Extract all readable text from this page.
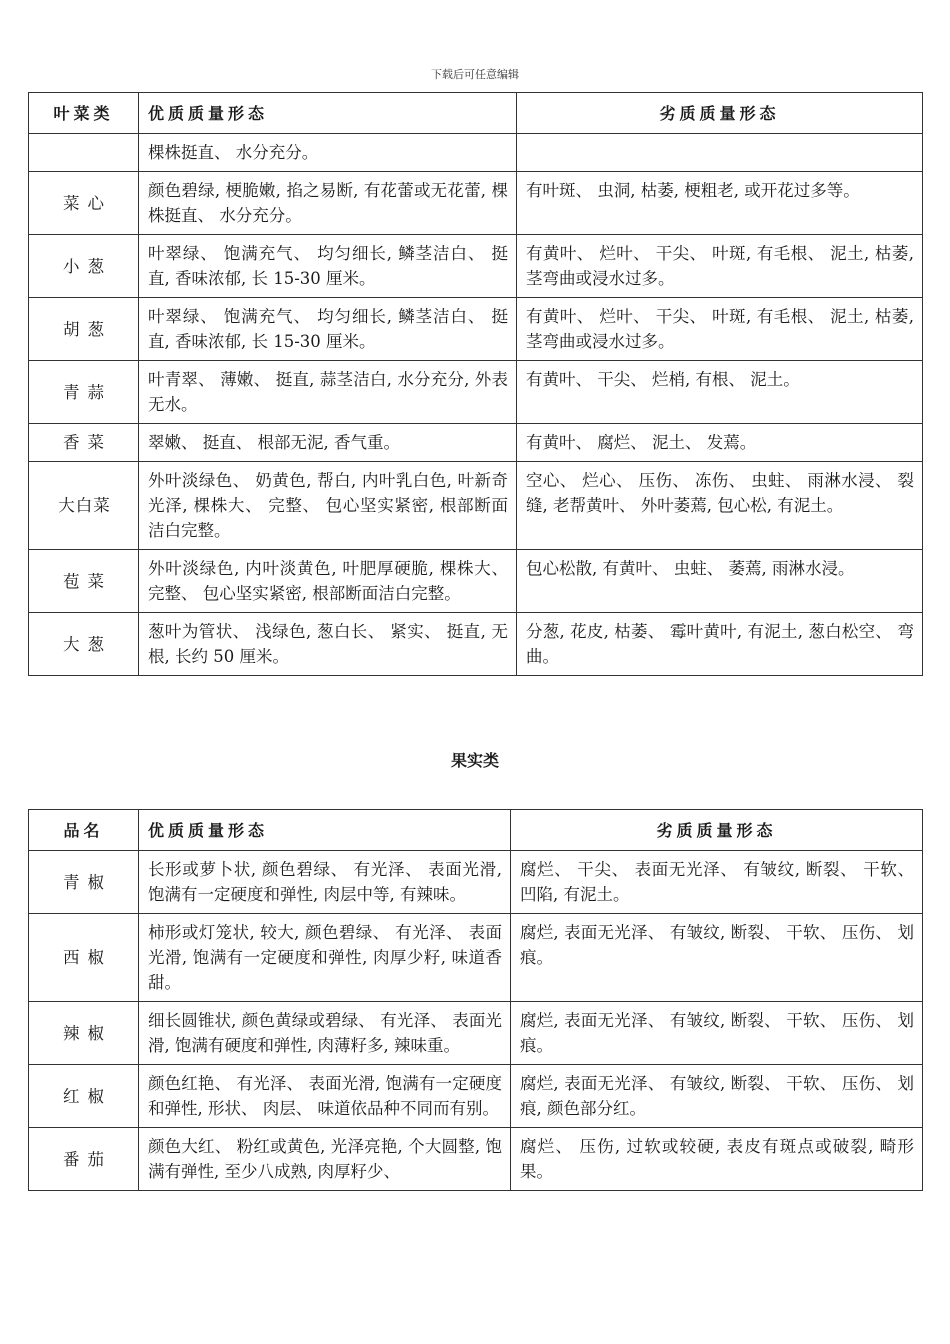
下载后可任意编辑
叶菜类	优质质量形态	劣质质量形态
	棵株挺直、 水分充分。	
菜心	颜色碧绿, 梗脆嫩, 掐之易断, 有花蕾或无花蕾, 棵株挺直、 水分充分。	有叶斑、 虫洞, 枯萎, 梗粗老, 或开花过多等。
小葱	叶翠绿、 饱满充气、 均匀细长, 鳞茎洁白、 挺直, 香味浓郁, 长 15-30 厘米。	有黄叶、 烂叶、 干尖、 叶斑, 有毛根、 泥土, 枯萎, 茎弯曲或浸水过多。
胡葱	叶翠绿、 饱满充气、 均匀细长, 鳞茎洁白、 挺直, 香味浓郁, 长 15-30 厘米。	有黄叶、 烂叶、 干尖、 叶斑, 有毛根、 泥土, 枯萎, 茎弯曲或浸水过多。
青蒜	叶青翠、 薄嫩、 挺直, 蒜茎洁白, 水分充分, 外表无水。	有黄叶、 干尖、 烂梢, 有根、 泥土。
香菜	翠嫩、 挺直、 根部无泥, 香气重。	有黄叶、 腐烂、 泥土、 发蔫。
大白菜	外叶淡绿色、 奶黄色, 帮白, 内叶乳白色, 叶新奇光泽, 棵株大、 完整、 包心坚实紧密, 根部断面洁白完整。	空心、 烂心、 压伤、 冻伤、 虫蛀、 雨淋水浸、 裂缝, 老帮黄叶、 外叶萎蔫, 包心松, 有泥土。
苞菜	外叶淡绿色, 内叶淡黄色, 叶肥厚硬脆, 棵株大、 完整、 包心坚实紧密, 根部断面洁白完整。	包心松散, 有黄叶、 虫蛀、 萎蔫, 雨淋水浸。
大葱	葱叶为管状、 浅绿色, 葱白长、 紧实、 挺直, 无根, 长约 50 厘米。	分葱, 花皮, 枯萎、 霉叶黄叶, 有泥土, 葱白松空、 弯曲。
果实类
品名	优质质量形态	劣质质量形态
青椒	长形或萝卜状, 颜色碧绿、 有光泽、 表面光滑, 饱满有一定硬度和弹性, 肉层中等, 有辣味。	腐烂、 干尖、 表面无光泽、 有皱纹, 断裂、 干软、 凹陷, 有泥土。
西椒	柿形或灯笼状, 较大, 颜色碧绿、 有光泽、 表面光滑, 饱满有一定硬度和弹性, 肉厚少籽, 味道香甜。	腐烂, 表面无光泽、 有皱纹, 断裂、 干软、 压伤、 划痕。
辣椒	细长圆锥状, 颜色黄绿或碧绿、 有光泽、 表面光滑, 饱满有硬度和弹性, 肉薄籽多, 辣味重。	腐烂, 表面无光泽、 有皱纹, 断裂、 干软、 压伤、 划痕。
红椒	颜色红艳、 有光泽、 表面光滑, 饱满有一定硬度和弹性, 形状、 肉层、 味道依品种不同而有别。	腐烂, 表面无光泽、 有皱纹, 断裂、 干软、 压伤、 划痕, 颜色部分红。
番茄	颜色大红、 粉红或黄色, 光泽亮艳, 个大圆整, 饱满有弹性, 至少八成熟, 肉厚籽少、	腐烂、 压伤, 过软或较硬, 表皮有斑点或破裂, 畸形果。
